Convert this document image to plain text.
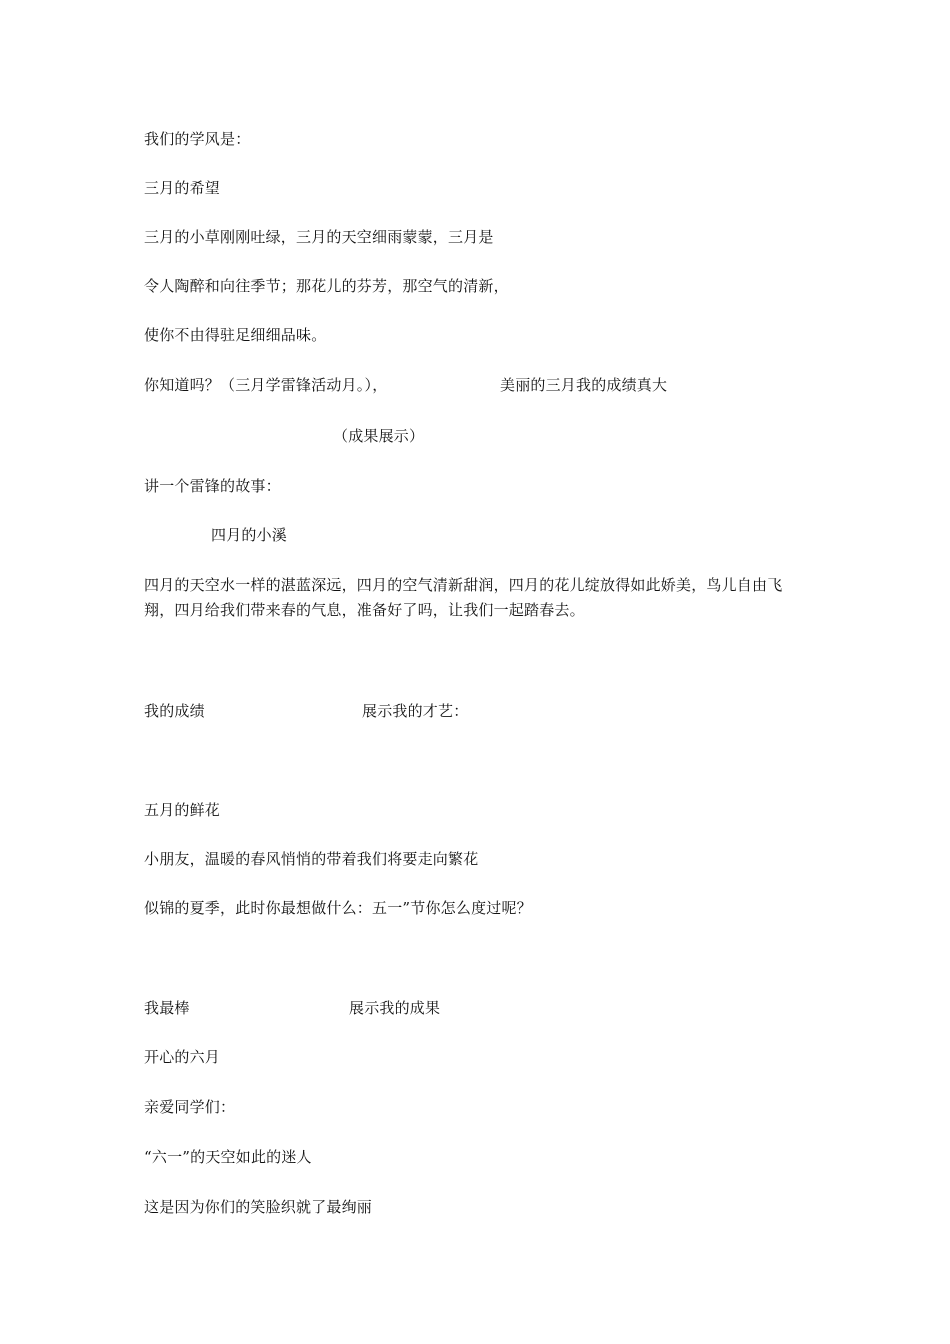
我们的学风是：
三月的希望
三月的小草刚刚吐绿，三月的天空细雨蒙蒙，三月是
令人陶醉和向往季节；那花儿的芬芳，那空气的清新，
使你不由得驻足细细品味。
你知道吗？（三月学雷锋活动月。），	美丽的三月我的成绩真大
（成果展示）
讲一个雷锋的故事：
四月的小溪
四月的天空水一样的湛蓝深远，四月的空气清新甜润，四月的花儿绽放得如此娇美，鸟儿自由飞翔，四月给我们带来春的气息，准备好了吗，让我们一起踏春去。
我的成绩	展示我的才艺：
五月的鲜花
小朋友，温暖的春风悄悄的带着我们将要走向繁花
似锦的夏季，此时你最想做什么：五一”节你怎么度过呢？
我最棒	展示我的成果
开心的六月
亲爱同学们：
“六一”的天空如此的迷人
这是因为你们的笑脸织就了最绚丽
